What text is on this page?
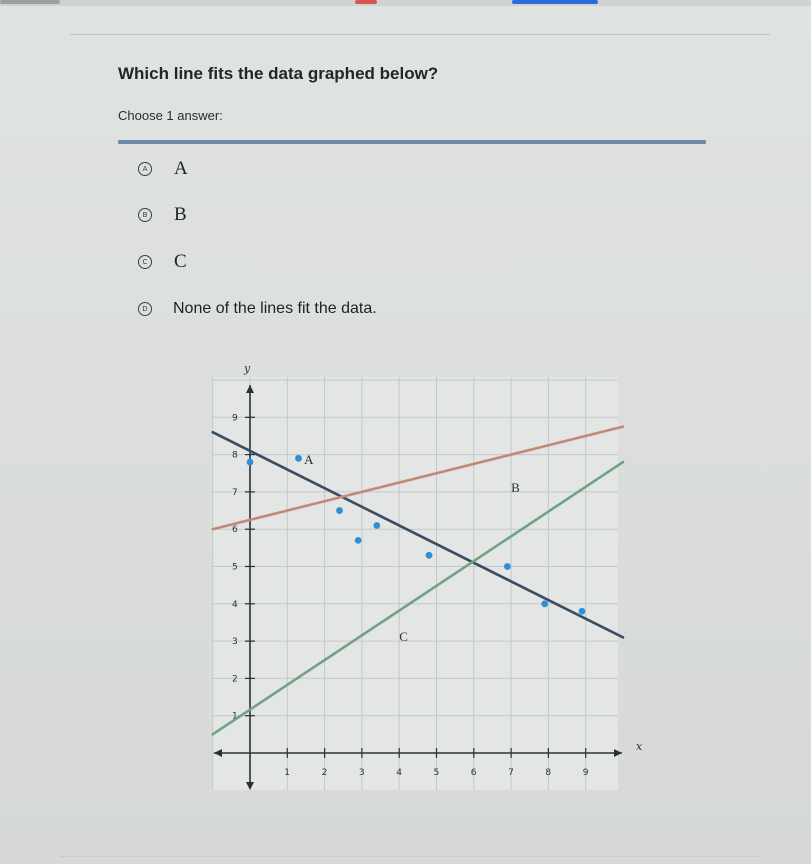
Which line fits the data graphed below?
Choose 1 answer:
A A
B B
C C
D None of the lines fit the data.
x
y
1	2	3	4	5	6	7	8	9
1
2
3
4
5
6
7
8
9
A
B
C
